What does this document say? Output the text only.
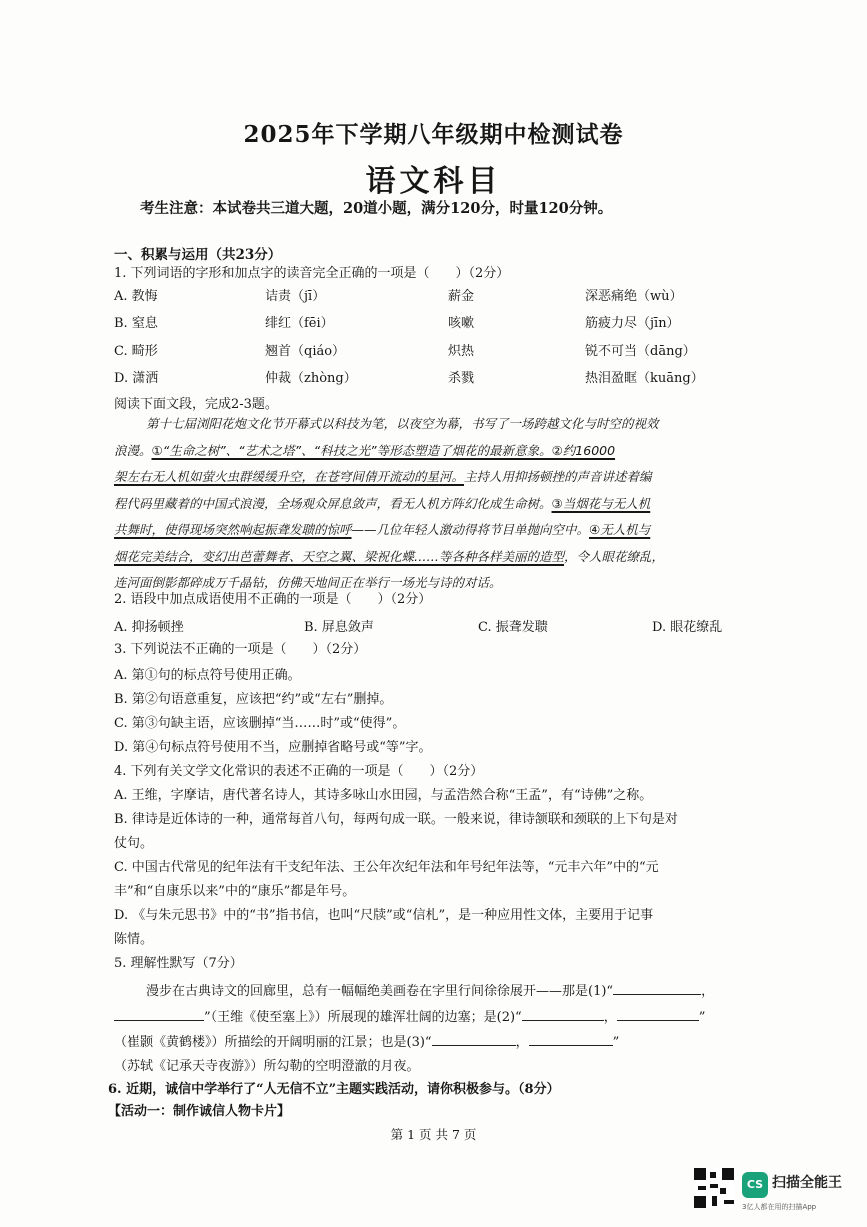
2025年下学期八年级期中检测试卷
语文科目
考生注意：本试卷共三道大题，20道小题，满分120分，时量120分钟。
一、积累与运用（共23分）
1. 下列词语的字形和加点字的读音完全正确的一项是（　　）（2分）
A. 教悔	诘责（jī）	薪金	深恶痛绝（wù）
B. 窒息	绯红（fēi）	咳嗽	筋疲力尽（jīn）
C. 畸形	翘首（qiáo）	炽热	锐不可当（dāng）
D. 潇洒	仲裁（zhòng）	杀戮	热泪盈眶（kuāng）
阅读下面文段，完成2-3题。
第十七届浏阳花炮文化节开幕式以科技为笔，以夜空为幕，书写了一场跨越文化与时空的视效
浪漫。①“生命之树”、“艺术之塔”、“科技之光”等形态塑造了烟花的最新意象。②约16000
架左右无人机如萤火虫群缓缓升空，在苍穹间倩开流动的星河。主持人用抑扬顿挫的声音讲述着编
程代码里藏着的中国式浪漫，全场观众屏息敛声，看无人机方阵幻化成生命树。③当烟花与无人机
共舞时，使得现场突然响起振聋发聩的惊呼——几位年轻人激动得将节目单抛向空中。④无人机与
烟花完美结合，变幻出芭蕾舞者、天空之翼、梁祝化蝶……等各种各样美丽的造型，令人眼花缭乱，
连河面倒影都碎成万千晶钻，仿佛天地间正在举行一场光与诗的对话。
2. 语段中加点成语使用不正确的一项是（　　）（2分）
A. 抑扬顿挫	B. 屏息敛声	C. 振聋发聩	D. 眼花缭乱
3. 下列说法不正确的一项是（　　）（2分）
A. 第①句的标点符号使用正确。
B. 第②句语意重复，应该把“约”或“左右”删掉。
C. 第③句缺主语，应该删掉“当……时”或“使得”。
D. 第④句标点符号使用不当，应删掉省略号或“等”字。
4. 下列有关文学文化常识的表述不正确的一项是（　　）（2分）
A. 王维，字摩诘，唐代著名诗人，其诗多咏山水田园，与孟浩然合称“王孟”，有“诗佛”之称。
B. 律诗是近体诗的一种，通常每首八句，每两句成一联。一般来说，律诗颔联和颈联的上下句是对
仗句。
C. 中国古代常见的纪年法有干支纪年法、王公年次纪年法和年号纪年法等，“元丰六年”中的“元
丰”和“自康乐以来”中的“康乐”都是年号。
D. 《与朱元思书》中的“书”指书信，也叫“尺牍”或“信札”，是一种应用性文体，主要用于记事
陈情。
5. 理解性默写（7分）
漫步在古典诗文的回廊里，总有一幅幅绝美画卷在字里行间徐徐展开——那是(1)“	，
”（王维《使至塞上》）所展现的雄浑壮阔的边塞；是(2)“	，	”
（崔颢《黄鹤楼》）所描绘的开阔明丽的江景；也是(3)“	，	”
（苏轼《记承天寺夜游》）所勾勒的空明澄澈的月夜。
6. 近期，诚信中学举行了“人无信不立”主题实践活动，请你积极参与。（8分）
【活动一：制作诚信人物卡片】
第 1 页 共 7 页
CS 扫描全能王
3亿人都在用的扫描App
